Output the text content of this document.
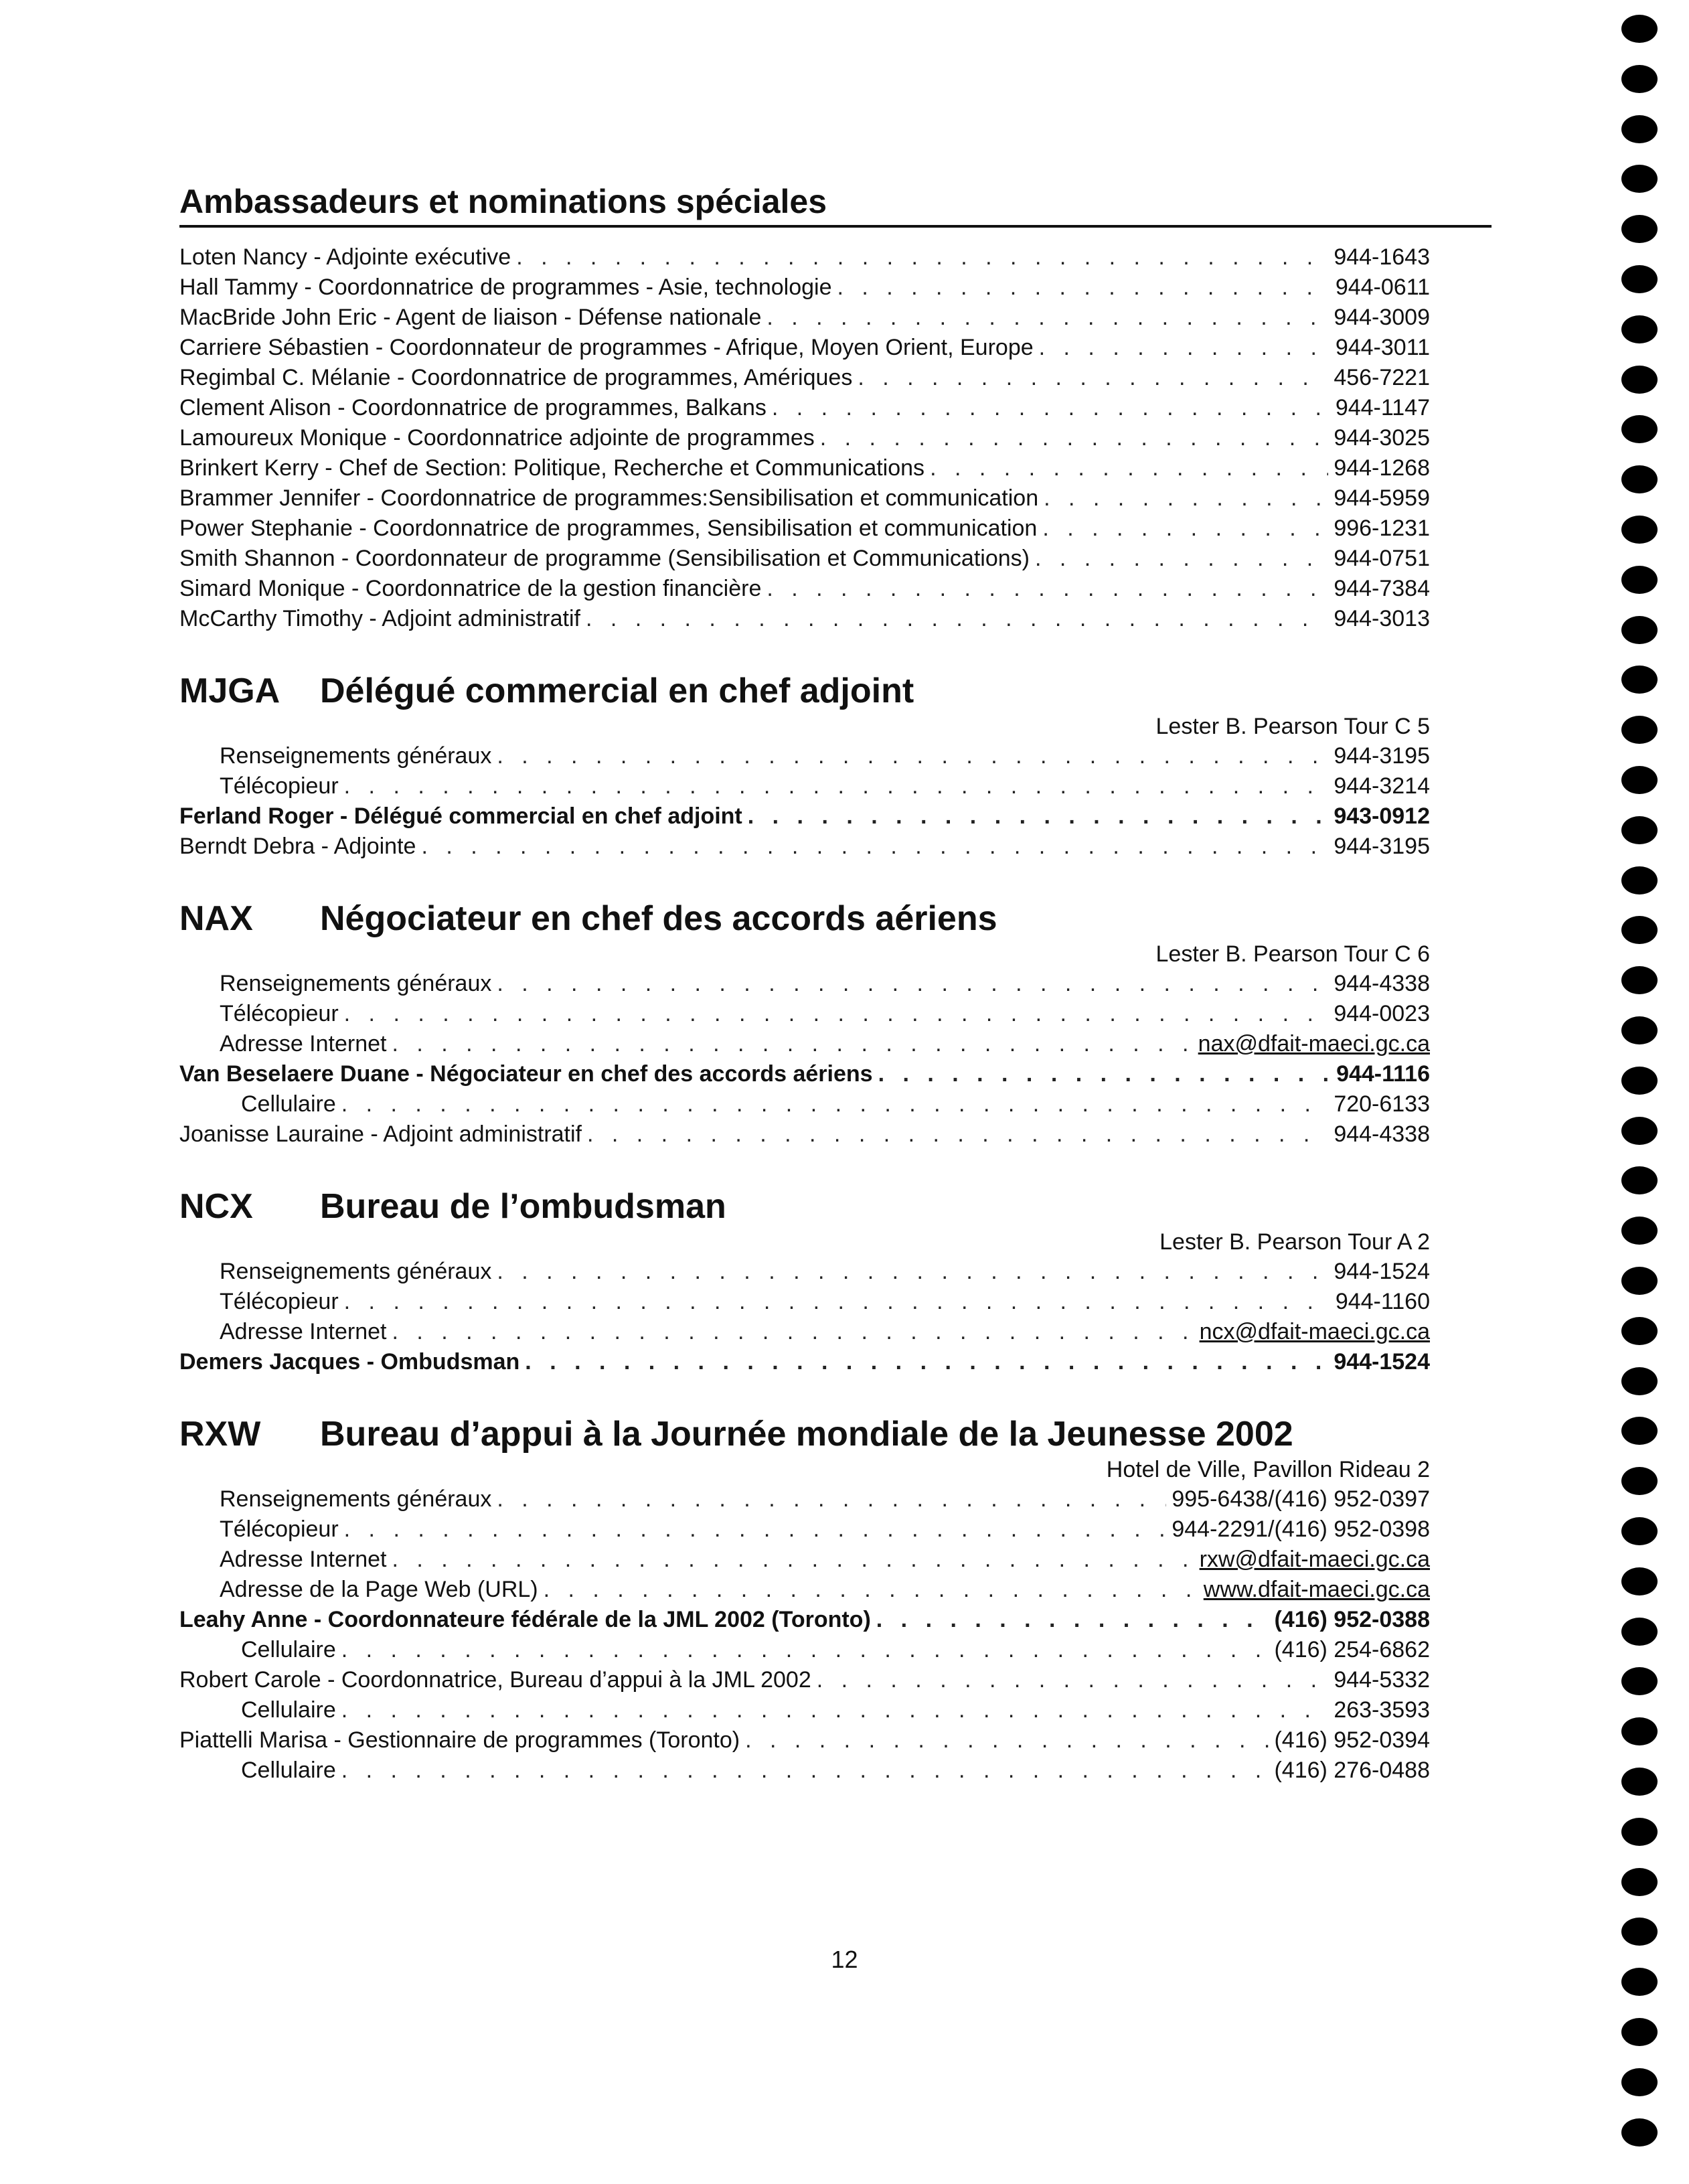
Ambassadeurs et nominations spéciales
Loten Nancy - Adjointe exécutive . . .	944-1643
Hall Tammy - Coordonnatrice de programmes - Asie, technologie . . .	944-0611
MacBride John Eric - Agent de liaison - Défense nationale . . .	944-3009
Carriere Sébastien - Coordonnateur de programmes - Afrique, Moyen Orient, Europe . . .	944-3011
Regimbal C. Mélanie - Coordonnatrice de programmes, Amériques . . .	456-7221
Clement Alison - Coordonnatrice de programmes, Balkans . . .	944-1147
Lamoureux Monique - Coordonnatrice adjointe de programmes . . .	944-3025
Brinkert Kerry - Chef de Section: Politique, Recherche et Communications . . .	944-1268
Brammer Jennifer - Coordonnatrice de programmes:Sensibilisation et communication . . .	944-5959
Power Stephanie - Coordonnatrice de programmes, Sensibilisation et communication . . .	996-1231
Smith Shannon - Coordonnateur de programme (Sensibilisation et Communications) . . .	944-0751
Simard Monique - Coordonnatrice de la gestion financière . . .	944-7384
McCarthy Timothy - Adjoint administratif . . .	944-3013
MJGA	Délégué commercial en chef adjoint
Lester B. Pearson Tour C 5
Renseignements généraux . . .	944-3195
Télécopieur . . .	944-3214
Ferland Roger - Délégué commercial en chef adjoint . . .	943-0912
Berndt Debra - Adjointe . . .	944-3195
NAX	Négociateur en chef des accords aériens
Lester B. Pearson Tour C 6
Renseignements généraux . . .	944-4338
Télécopieur . . .	944-0023
Adresse Internet . . .	nax@dfait-maeci.gc.ca
Van Beselaere Duane - Négociateur en chef des accords aériens . . .	944-1116
Cellulaire . . .	720-6133
Joanisse Lauraine - Adjoint administratif . . .	944-4338
NCX	Bureau de l’ombudsman
Lester B. Pearson Tour A 2
Renseignements généraux . . .	944-1524
Télécopieur . . .	944-1160
Adresse Internet . . .	ncx@dfait-maeci.gc.ca
Demers Jacques - Ombudsman . . .	944-1524
RXW	Bureau d’appui à la Journée mondiale de la Jeunesse 2002
Hotel de Ville, Pavillon Rideau 2
Renseignements généraux . . .	995-6438/(416) 952-0397
Télécopieur . . .	944-2291/(416) 952-0398
Adresse Internet . . .	rxw@dfait-maeci.gc.ca
Adresse de la Page Web (URL) . . .	www.dfait-maeci.gc.ca
Leahy Anne - Coordonnateure fédérale de la JML 2002 (Toronto) . . .	(416) 952-0388
Cellulaire . . .	(416) 254-6862
Robert Carole - Coordonnatrice, Bureau d’appui à la JML 2002 . . .	944-5332
Cellulaire . . .	263-3593
Piattelli Marisa - Gestionnaire de programmes (Toronto) . . .	(416) 952-0394
Cellulaire . . .	(416) 276-0488
12
